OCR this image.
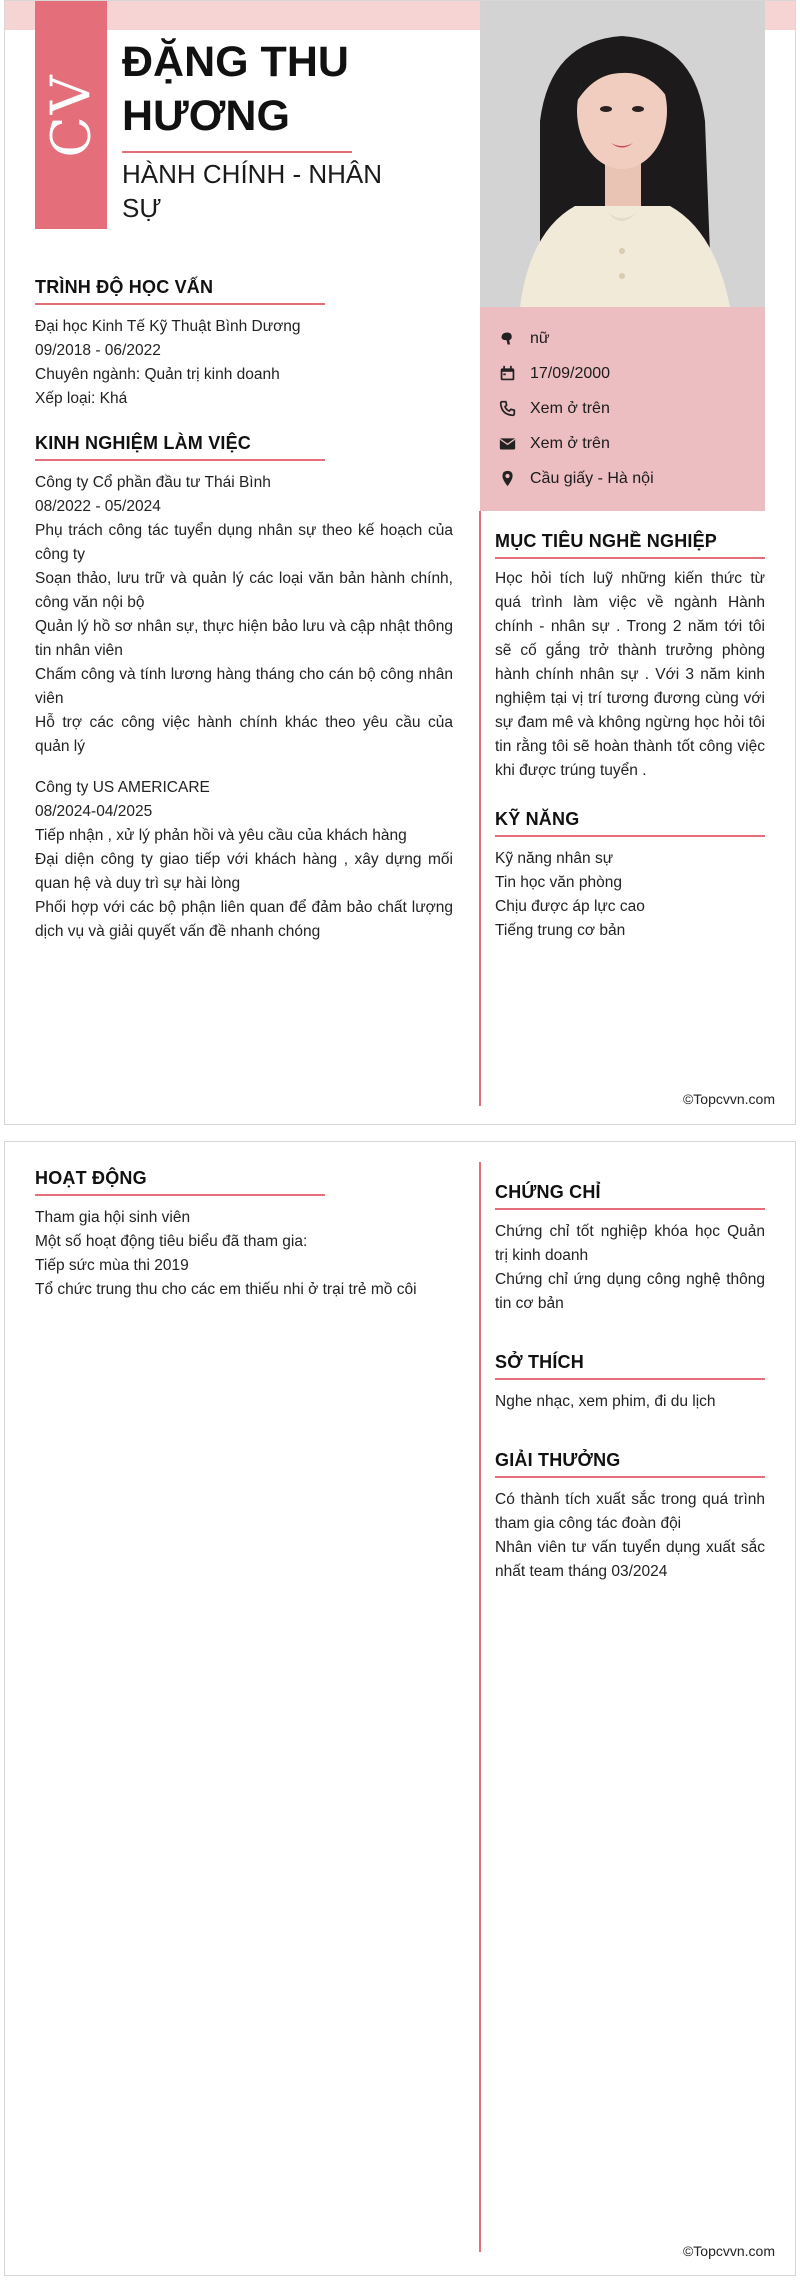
CV
ĐẶNG THU HƯƠNG
HÀNH CHÍNH - NHÂN SỰ
nữ
17/09/2000
Xem ở trên
Xem ở trên
Cầu giấy - Hà nội
TRÌNH ĐỘ HỌC VẤN

Đại học Kinh Tế Kỹ Thuật Bình Dương

09/2018 - 06/2022

Chuyên ngành: Quản trị kinh doanh

Xếp loại: Khá

KINH NGHIỆM LÀM VIỆC

Công ty Cổ phần đầu tư Thái Bình

08/2022 - 05/2024

Phụ trách công tác tuyển dụng nhân sự theo kế hoạch của công ty

Soạn thảo, lưu trữ và quản lý các loại văn bản hành chính, công văn nội bộ

Quản lý hồ sơ nhân sự, thực hiện bảo lưu và cập nhật thông tin nhân viên

Chấm công và tính lương hàng tháng cho cán bộ công nhân viên

Hỗ trợ các công việc hành chính khác theo yêu cầu của quản lý

Công ty US AMERICARE

08/2024-04/2025

Tiếp nhận , xử lý phản hồi và yêu cầu của khách hàng

Đại diện công ty giao tiếp với khách hàng , xây dựng mối quan hệ và duy trì sự hài lòng

Phối hợp với các bộ phận liên quan để đảm bảo chất lượng dịch vụ và giải quyết vấn đề nhanh chóng

MỤC TIÊU NGHỀ NGHIỆP
Học hỏi tích luỹ những kiến thức từ quá trình làm việc về ngành Hành chính - nhân sự . Trong 2 năm tới tôi sẽ cố gắng trở thành trưởng phòng hành chính nhân sự . Với 3 năm kinh nghiệm tại vị trí tương đương cùng với sự đam mê và không ngừng học hỏi tôi tin rằng tôi sẽ hoàn thành tốt công việc khi được trúng tuyển .
KỸ NĂNG

Kỹ năng nhân sự

Tin học văn phòng

Chịu được áp lực cao

Tiếng trung cơ bản

©Topcvvn.com
HOẠT ĐỘNG

Tham gia hội sinh viên

Một số hoạt động tiêu biểu đã tham gia:

Tiếp sức mùa thi 2019

Tổ chức trung thu cho các em thiếu nhi ở trại trẻ mồ côi

CHỨNG CHỈ

Chứng chỉ tốt nghiệp khóa học Quản trị kinh doanh

Chứng chỉ ứng dụng công nghệ thông tin cơ bản

SỞ THÍCH
Nghe nhạc, xem phim, đi du lịch
GIẢI THƯỞNG

Có thành tích xuất sắc trong quá trình tham gia công tác đoàn đội

Nhân viên tư vấn tuyển dụng xuất sắc nhất team tháng 03/2024

©Topcvvn.com
